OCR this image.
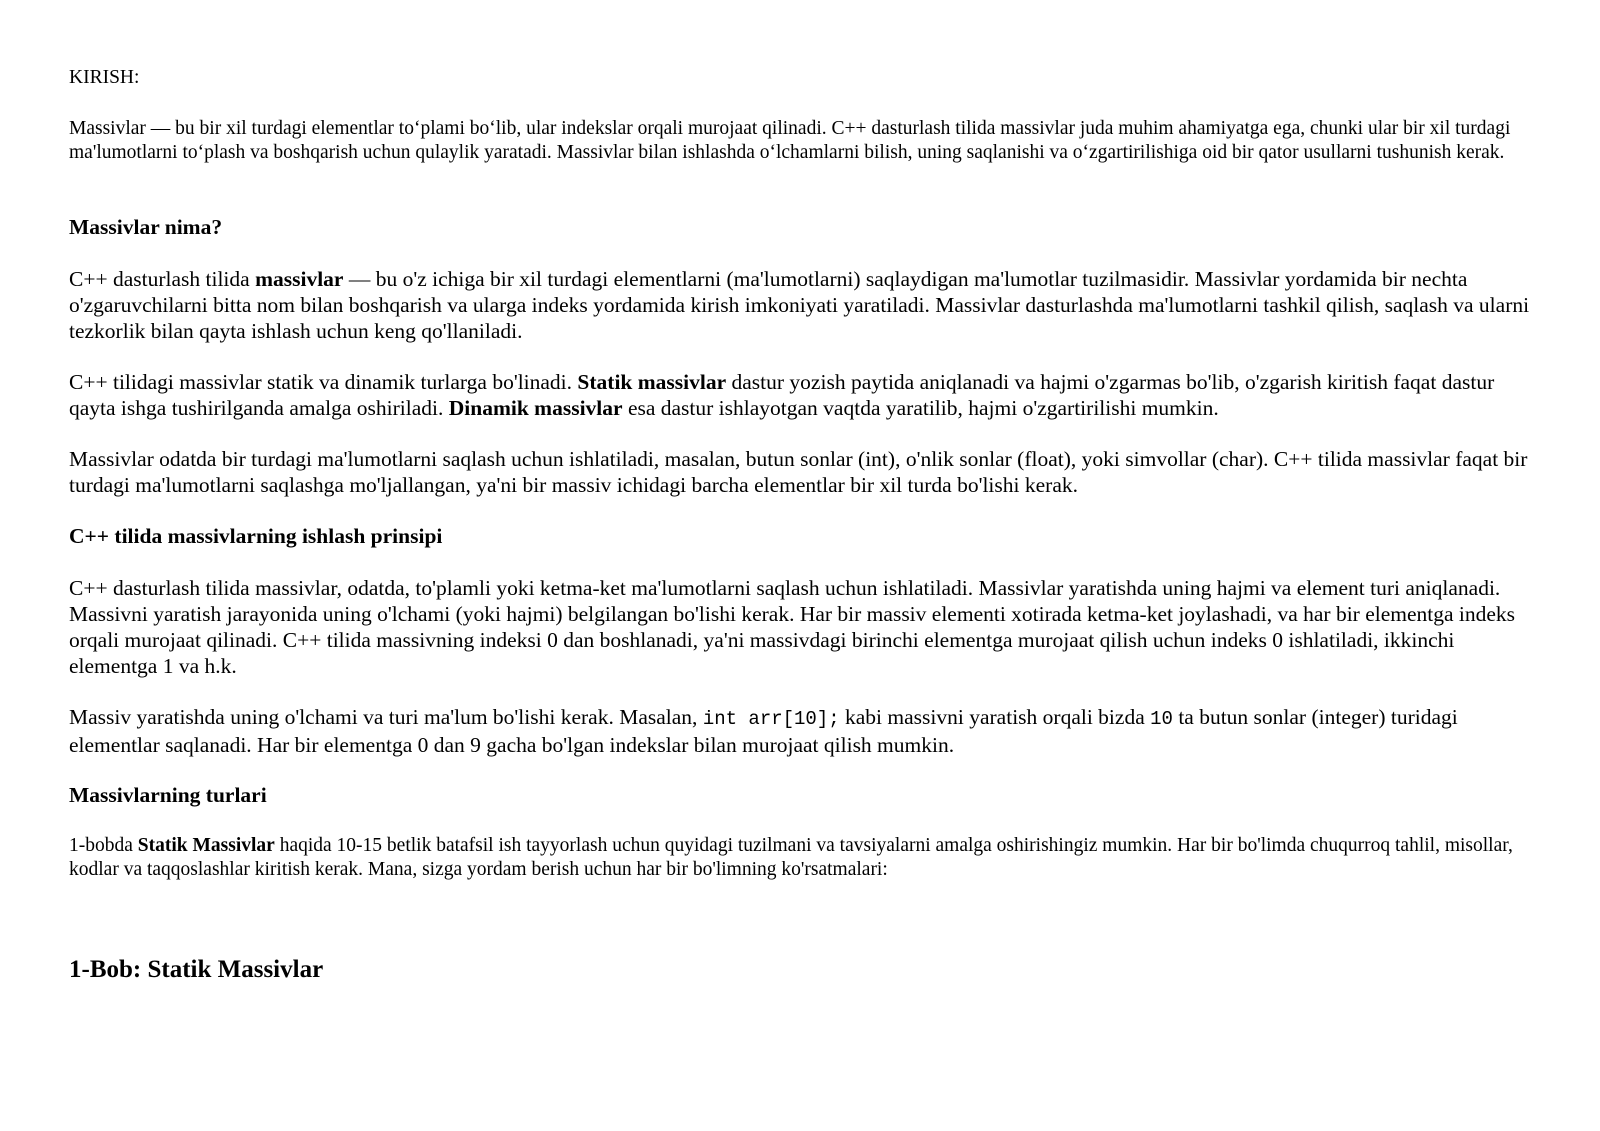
KIRISH:

Massivlar — bu bir xil turdagi elementlar to‘plami bo‘lib, ular indekslar orqali murojaat qilinadi. C++ dasturlash tilida massivlar juda muhim ahamiyatga ega, chunki ular bir xil turdagi ma'lumotlarni to‘plash va boshqarish uchun qulaylik yaratadi. Massivlar bilan ishlashda o‘lchamlarni bilish, uning saqlanishi va o‘zgartirilishiga oid bir qator usullarni tushunish kerak.

Massivlar nima?

C++ dasturlash tilida massivlar — bu o'z ichiga bir xil turdagi elementlarni (ma'lumotlarni) saqlaydigan ma'lumotlar tuzilmasidir. Massivlar yordamida bir nechta o'zgaruvchilarni bitta nom bilan boshqarish va ularga indeks yordamida kirish imkoniyati yaratiladi. Massivlar dasturlashda ma'lumotlarni tashkil qilish, saqlash va ularni tezkorlik bilan qayta ishlash uchun keng qo'llaniladi.

C++ tilidagi massivlar statik va dinamik turlarga bo'linadi. Statik massivlar dastur yozish paytida aniqlanadi va hajmi o'zgarmas bo'lib, o'zgarish kiritish faqat dastur qayta ishga tushirilganda amalga oshiriladi. Dinamik massivlar esa dastur ishlayotgan vaqtda yaratilib, hajmi o'zgartirilishi mumkin.

Massivlar odatda bir turdagi ma'lumotlarni saqlash uchun ishlatiladi, masalan, butun sonlar (int), o'nlik sonlar (float), yoki simvollar (char). C++ tilida massivlar faqat bir turdagi ma'lumotlarni saqlashga mo'ljallangan, ya'ni bir massiv ichidagi barcha elementlar bir xil turda bo'lishi kerak.

C++ tilida massivlarning ishlash prinsipi

C++ dasturlash tilida massivlar, odatda, to'plamli yoki ketma-ket ma'lumotlarni saqlash uchun ishlatiladi. Massivlar yaratishda uning hajmi va element turi aniqlanadi. Massivni yaratish jarayonida uning o'lchami (yoki hajmi) belgilangan bo'lishi kerak. Har bir massiv elementi xotirada ketma-ket joylashadi, va har bir elementga indeks orqali murojaat qilinadi. C++ tilida massivning indeksi 0 dan boshlanadi, ya'ni massivdagi birinchi elementga murojaat qilish uchun indeks 0 ishlatiladi, ikkinchi elementga 1 va h.k.

Massiv yaratishda uning o'lchami va turi ma'lum bo'lishi kerak. Masalan, int arr[10]; kabi massivni yaratish orqali bizda 10 ta butun sonlar (integer) turidagi elementlar saqlanadi. Har bir elementga 0 dan 9 gacha bo'lgan indekslar bilan murojaat qilish mumkin.

Massivlarning turlari

1-bobda Statik Massivlar haqida 10-15 betlik batafsil ish tayyorlash uchun quyidagi tuzilmani va tavsiyalarni amalga oshirishingiz mumkin. Har bir bo'limda chuqurroq tahlil, misollar, kodlar va taqqoslashlar kiritish kerak. Mana, sizga yordam berish uchun har bir bo'limning ko'rsatmalari:

1-Bob: Statik Massivlar
